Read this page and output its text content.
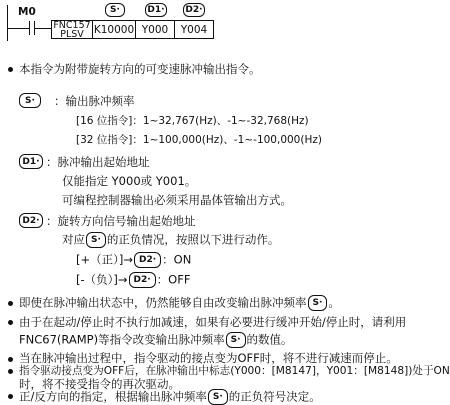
M0
FNC157
PLSV K10000 Y000 Y004
S·	D1· D2·
本指令为附带旋转方向的可变速脉冲输出指令。
S·	：输出脉冲频率
[16 位指令]：1~32,767(Hz)、-1~-32,768(Hz)
[32 位指令]：1~100,000(Hz)、-1~-100,000(Hz)
D1· ：脉冲输出起始地址
仅能指定 Y000或 Y001。
可编程控制器输出必须采用晶体管输出方式。
D2· ：旋转方向信号输出起始地址
对应 S· 的正负情况，按照以下进行动作。
[+（正）]→ D2· ：ON
[-（负）]→ D2· ：OFF
即使在脉冲输出状态中，仍然能够自由改变输出脉冲频率 S· 。
由于在起动/停止时不执行加减速，如果有必要进行缓冲开始/停止时，请利用
FNC67(RAMP)等指令改变输出脉冲频率 S· 的数值。
当在脉冲输出过程中，指令驱动的接点变为OFF时，将不进行减速而停止。
指令驱动接点变为OFF后，在脉冲输出中标志(Y000：[M8147]，Y001：[M8148])处于ON
时，将不接受指令的再次驱动。
正/反方向的指定，根据输出脉冲频率 S· 的正负符号决定。
